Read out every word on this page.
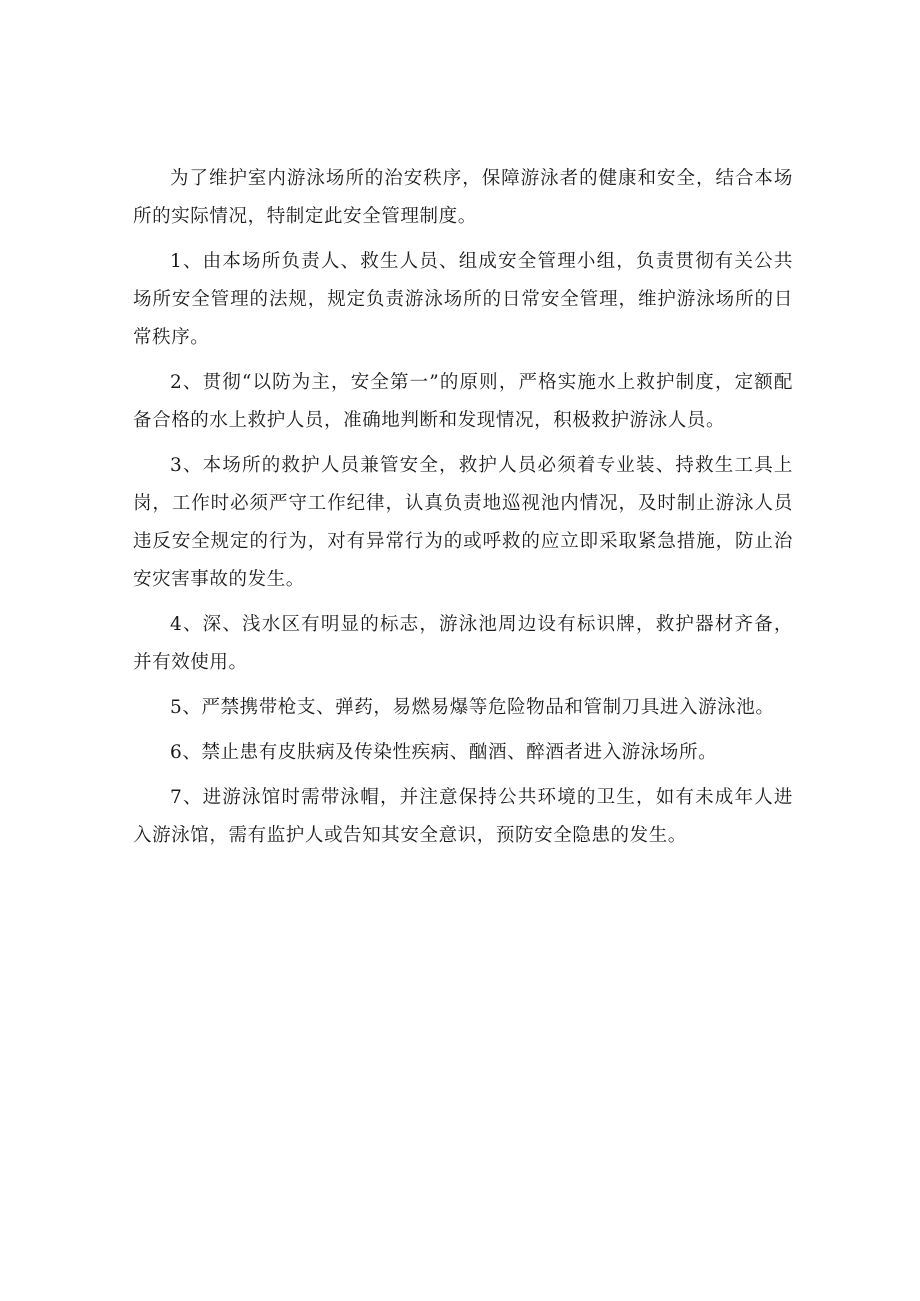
为了维护室内游泳场所的治安秩序，保障游泳者的健康和安全，结合本场所的实际情况，特制定此安全管理制度。

1、由本场所负责人、救生人员、组成安全管理小组，负责贯彻有关公共场所安全管理的法规，规定负责游泳场所的日常安全管理，维护游泳场所的日常秩序。

2、贯彻“以防为主，安全第一”的原则，严格实施水上救护制度，定额配备合格的水上救护人员，准确地判断和发现情况，积极救护游泳人员。

3、本场所的救护人员兼管安全，救护人员必须着专业装、持救生工具上岗，工作时必须严守工作纪律，认真负责地巡视池内情况，及时制止游泳人员违反安全规定的行为，对有异常行为的或呼救的应立即采取紧急措施，防止治安灾害事故的发生。

4、深、浅水区有明显的标志，游泳池周边设有标识牌，救护器材齐备，并有效使用。

5、严禁携带枪支、弹药，易燃易爆等危险物品和管制刀具进入游泳池。

6、禁止患有皮肤病及传染性疾病、酗酒、醉酒者进入游泳场所。

7、进游泳馆时需带泳帽，并注意保持公共环境的卫生，如有未成年人进入游泳馆，需有监护人或告知其安全意识，预防安全隐患的发生。
